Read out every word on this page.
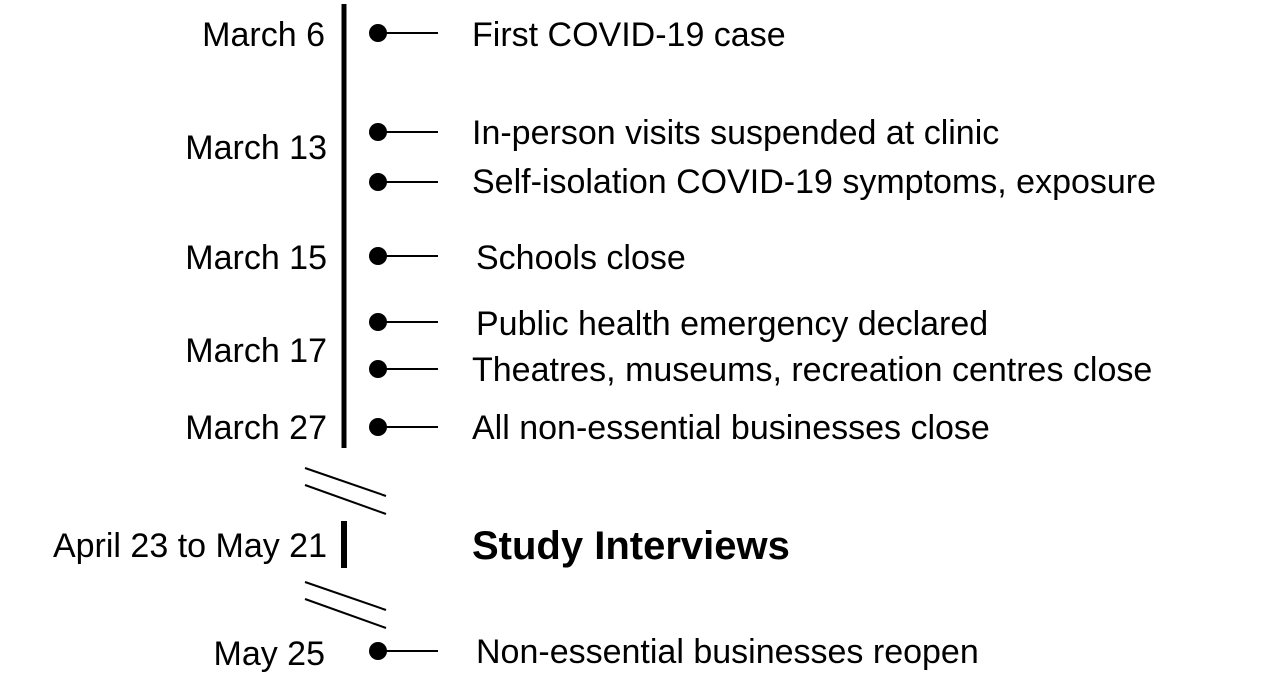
March 6
March 13
March 15
March 17
March 27
April 23 to May 21
May 25
First COVID-19 case
In-person visits suspended at clinic
Self-isolation COVID-19 symptoms, exposure
Schools close
Public health emergency declared
Theatres, museums, recreation centres close
All non-essential businesses close
Study Interviews
Non-essential businesses reopen
